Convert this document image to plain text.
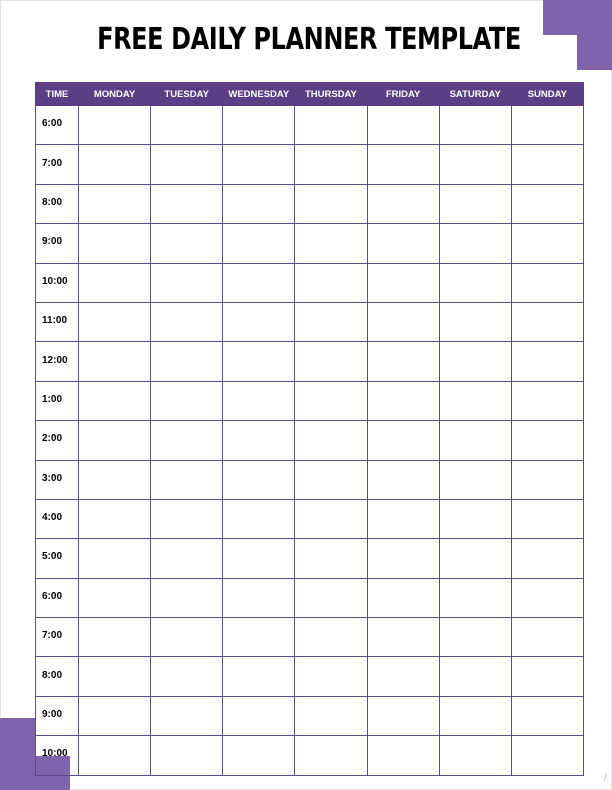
FREE DAILY PLANNER TEMPLATE
TIME	MONDAY	TUESDAY	WEDNESDAY	THURSDAY	FRIDAY	SATURDAY	SUNDAY
6:00							
7:00							
8:00							
9:00							
10:00							
11:00							
12:00							
1:00							
2:00							
3:00							
4:00							
5:00							
6:00							
7:00							
8:00							
9:00							
10:00							
/
